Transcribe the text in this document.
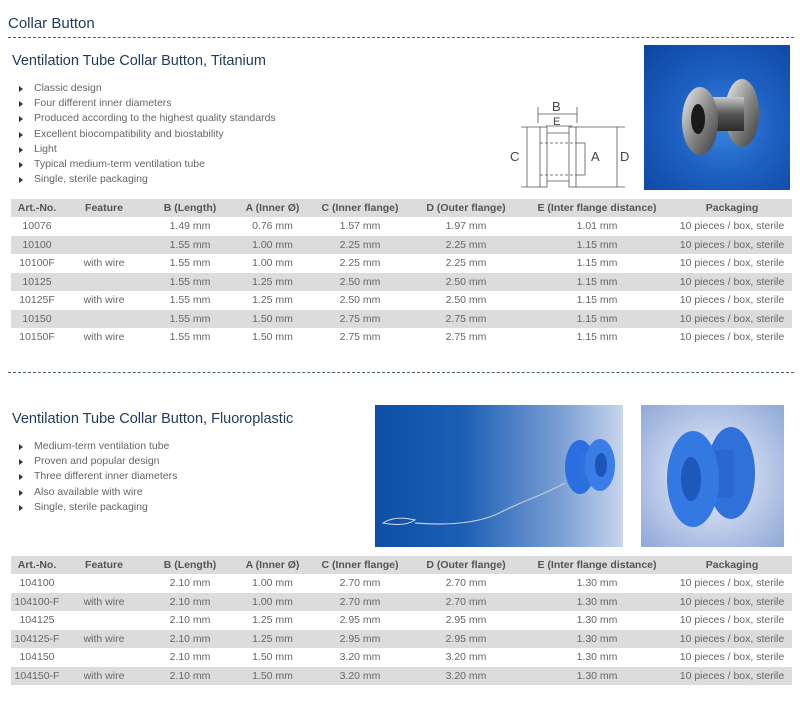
Collar Button
Ventilation Tube Collar Button, Titanium
Classic design
Four different inner diameters
Produced according to the highest quality standards
Excellent biocompatibility and biostability
Light
Typical medium-term ventilation tube
Single, sterile packaging
B
E
C	A D
Art.-No.	Feature	B (Length)	A (Inner Ø)	C (Inner flange)	D (Outer flange)	E (Inter flange distance)	Packaging
10076		1.49 mm	0.76 mm	1.57 mm	1.97 mm	1.01 mm	10 pieces / box, sterile
10100		1.55 mm	1.00 mm	2.25 mm	2.25 mm	1.15 mm	10 pieces / box, sterile
10100F	with wire	1.55 mm	1.00 mm	2.25 mm	2.25 mm	1.15 mm	10 pieces / box, sterile
10125		1.55 mm	1.25 mm	2.50 mm	2.50 mm	1.15 mm	10 pieces / box, sterile
10125F	with wire	1.55 mm	1.25 mm	2.50 mm	2.50 mm	1.15 mm	10 pieces / box, sterile
10150		1.55 mm	1.50 mm	2.75 mm	2.75 mm	1.15 mm	10 pieces / box, sterile
10150F	with wire	1.55 mm	1.50 mm	2.75 mm	2.75 mm	1.15 mm	10 pieces / box, sterile
Ventilation Tube Collar Button, Fluoroplastic
Medium-term ventilation tube
Proven and popular design
Three different inner diameters
Also available with wire
Single, sterile packaging
Art.-No.	Feature	B (Length)	A (Inner Ø)	C (Inner flange)	D (Outer flange)	E (Inter flange distance)	Packaging
104100		2.10 mm	1.00 mm	2.70 mm	2.70 mm	1.30 mm	10 pieces / box, sterile
104100-F	with wire	2.10 mm	1.00 mm	2.70 mm	2.70 mm	1.30 mm	10 pieces / box, sterile
104125		2.10 mm	1.25 mm	2.95 mm	2.95 mm	1.30 mm	10 pieces / box, sterile
104125-F	with wire	2.10 mm	1.25 mm	2.95 mm	2.95 mm	1.30 mm	10 pieces / box, sterile
104150		2.10 mm	1.50 mm	3.20 mm	3.20 mm	1.30 mm	10 pieces / box, sterile
104150-F	with wire	2.10 mm	1.50 mm	3.20 mm	3.20 mm	1.30 mm	10 pieces / box, sterile
